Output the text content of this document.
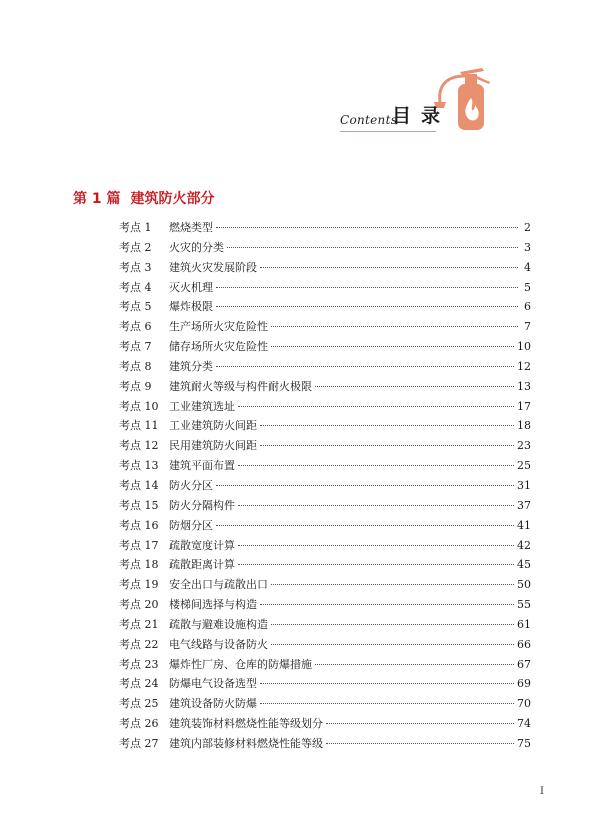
Contents
目录
第 1 篇 建筑防火部分
考点 1	燃烧类型	2
考点 2	火灾的分类	3
考点 3	建筑火灾发展阶段	4
考点 4	灭火机理	5
考点 5	爆炸极限	6
考点 6	生产场所火灾危险性	7
考点 7	储存场所火灾危险性	10
考点 8	建筑分类	12
考点 9	建筑耐火等级与构件耐火极限	13
考点 10 工业建筑选址	17
考点 11 工业建筑防火间距	18
考点 12 民用建筑防火间距	23
考点 13 建筑平面布置	25
考点 14 防火分区	31
考点 15 防火分隔构件	37
考点 16 防烟分区	41
考点 17 疏散宽度计算	42
考点 18 疏散距离计算	45
考点 19 安全出口与疏散出口	50
考点 20 楼梯间选择与构造	55
考点 21 疏散与避难设施构造	61
考点 22 电气线路与设备防火	66
考点 23 爆炸性厂房、仓库的防爆措施	67
考点 24 防爆电气设备选型	69
考点 25 建筑设备防火防爆	70
考点 26 建筑装饰材料燃烧性能等级划分	74
考点 27 建筑内部装修材料燃烧性能等级	75
I
